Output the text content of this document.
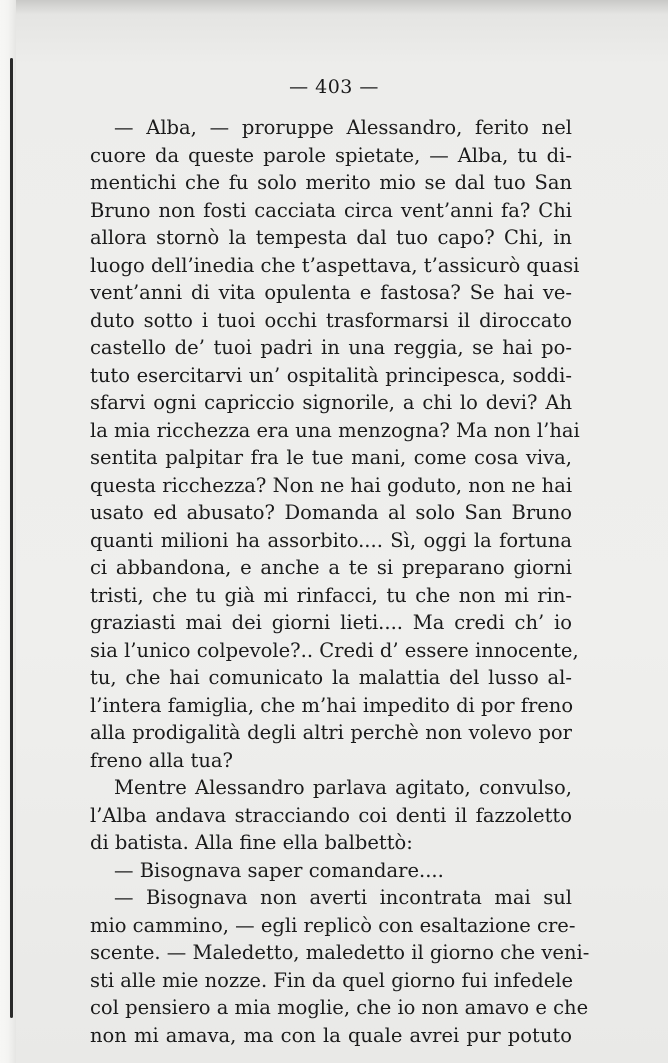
— 403 —
— Alba, — proruppe Alessandro, ferito nel
cuore da queste parole spietate, — Alba, tu di-
mentichi che fu solo merito mio se dal tuo San
Bruno non fosti cacciata circa vent’anni fa? Chi
allora stornò la tempesta dal tuo capo? Chi, in
luogo dell’inedia che t’aspettava, t’assicurò quasi
vent’anni di vita opulenta e fastosa? Se hai ve-
duto sotto i tuoi occhi trasformarsi il diroccato
castello de’ tuoi padri in una reggia, se hai po-
tuto esercitarvi un’ ospitalità principesca, soddi-
sfarvi ogni capriccio signorile, a chi lo devi? Ah
la mia ricchezza era una menzogna? Ma non l’hai
sentita palpitar fra le tue mani, come cosa viva,
questa ricchezza? Non ne hai goduto, non ne hai
usato ed abusato? Domanda al solo San Bruno
quanti milioni ha assorbito.... Sì, oggi la fortuna
ci abbandona, e anche a te si preparano giorni
tristi, che tu già mi rinfacci, tu che non mi rin-
graziasti mai dei giorni lieti.... Ma credi ch’ io
sia l’unico colpevole?.. Credi d’ essere innocente,
tu, che hai comunicato la malattia del lusso al-
l’intera famiglia, che m’hai impedito di por freno
alla prodigalità degli altri perchè non volevo por
freno alla tua?
Mentre Alessandro parlava agitato, convulso,
l’Alba andava stracciando coi denti il fazzoletto
di batista. Alla fine ella balbettò:
— Bisognava saper comandare....
— Bisognava non averti incontrata mai sul
mio cammino, — egli replicò con esaltazione cre-
scente. — Maledetto, maledetto il giorno che veni-
sti alle mie nozze. Fin da quel giorno fui infedele
col pensiero a mia moglie, che io non amavo e che
non mi amava, ma con la quale avrei pur potuto
